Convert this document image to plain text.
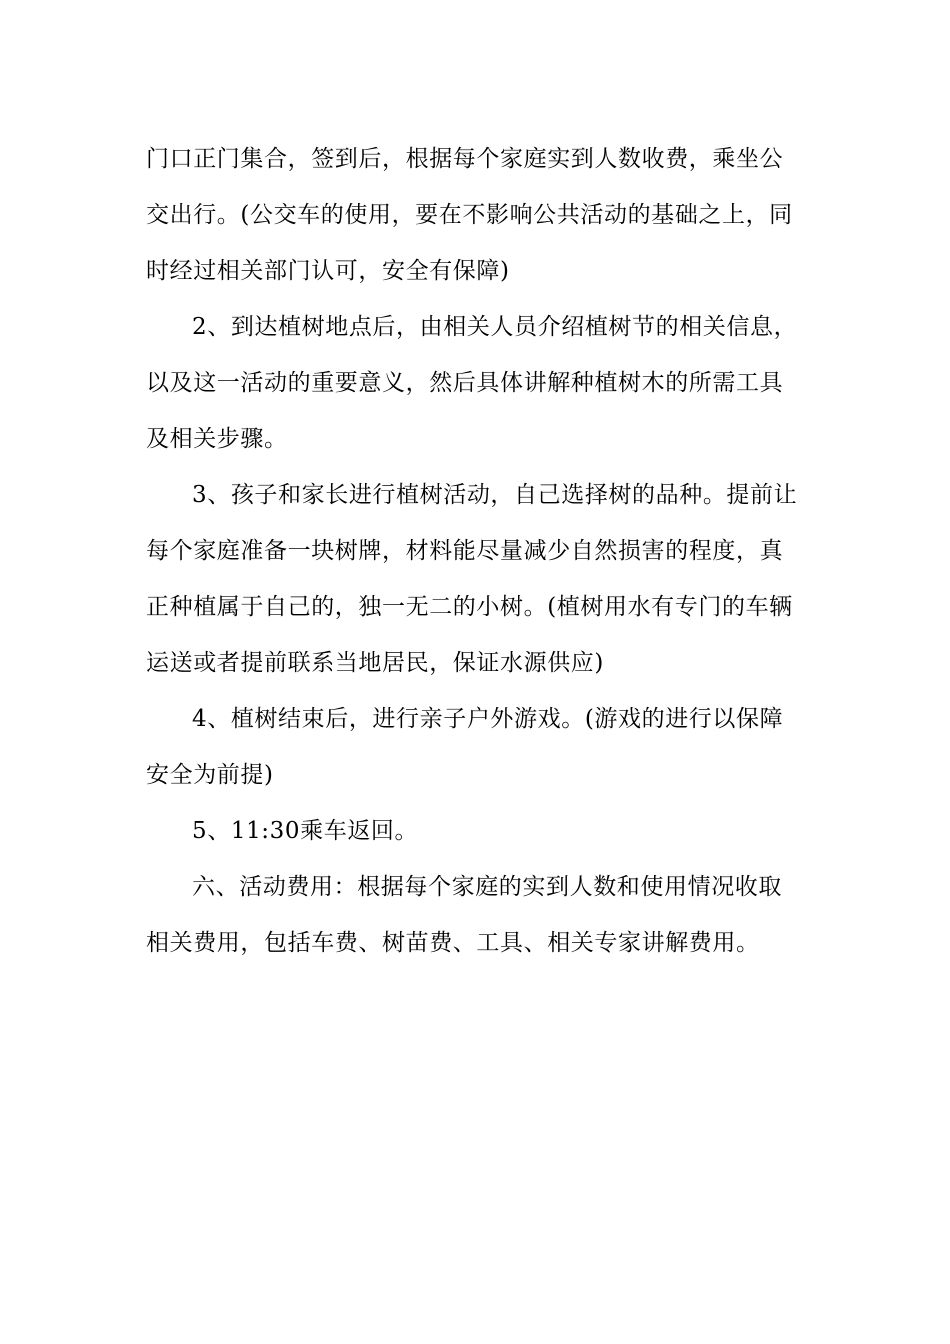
门口正门集合，签到后，根据每个家庭实到人数收费，乘坐公
交出行。(公交车的使用，要在不影响公共活动的基础之上，同
时经过相关部门认可，安全有保障)
2、到达植树地点后，由相关人员介绍植树节的相关信息，
以及这一活动的重要意义，然后具体讲解种植树木的所需工具
及相关步骤。
3、孩子和家长进行植树活动，自己选择树的品种。提前让
每个家庭准备一块树牌，材料能尽量减少自然损害的程度，真
正种植属于自己的，独一无二的小树。(植树用水有专门的车辆
运送或者提前联系当地居民，保证水源供应)
4、植树结束后，进行亲子户外游戏。(游戏的进行以保障
安全为前提)
5、11:30乘车返回。
六、活动费用：根据每个家庭的实到人数和使用情况收取
相关费用，包括车费、树苗费、工具、相关专家讲解费用。
